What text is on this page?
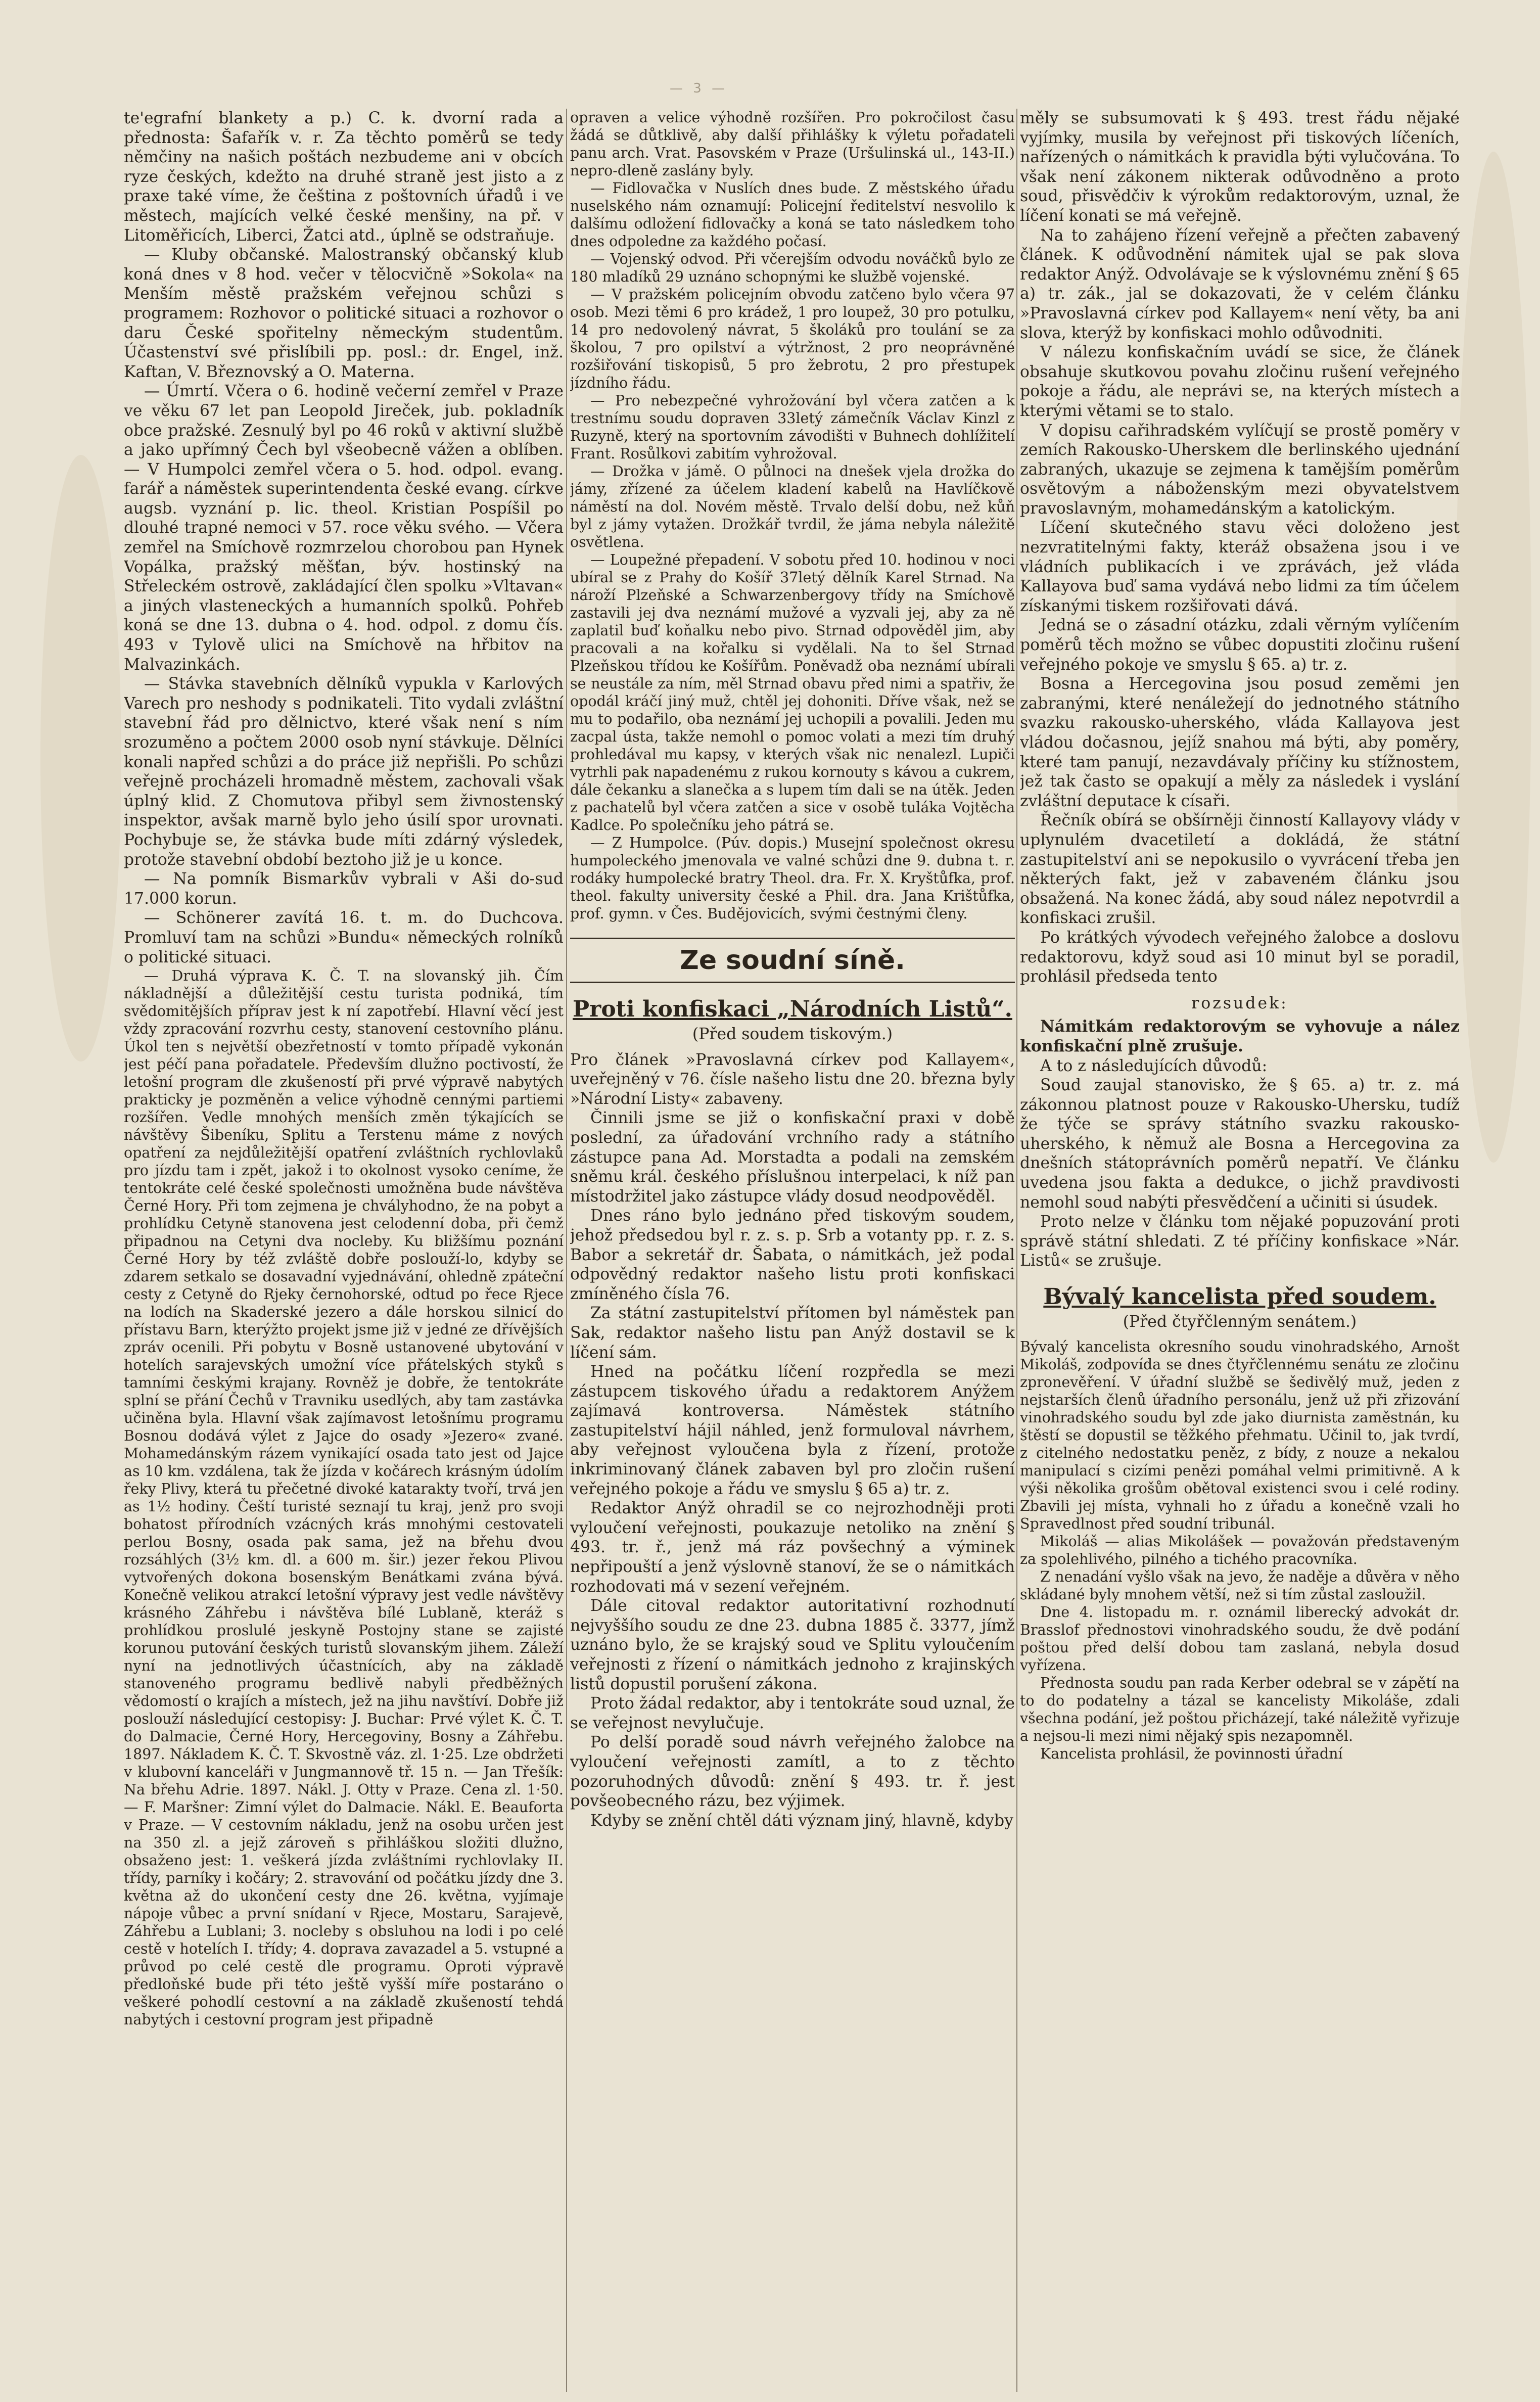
— 3 —

te'egrafní blankety a p.) C. k. dvorní rada a přednosta: Šafařík v. r. Za těchto poměrů se tedy němčiny na našich poštách nezbudeme ani v obcích ryze českých, kdežto na druhé straně jest jisto a z praxe také víme, že čeština z poštovních úřadů i ve městech, majících velké české menšiny, na př. v Litoměřicích, Liberci, Žatci atd., úplně se odstraňuje.

— Kluby občanské. Malostranský občanský klub koná dnes v 8 hod. večer v tělocvičně »Sokola« na Menším městě pražském veřejnou schůzi s programem: Rozhovor o politické situaci a rozhovor o daru České spořitelny německým studentům. Účastenství své přislíbili pp. posl.: dr. Engel, inž. Kaftan, V. Březnovský a O. Materna.

— Úmrtí. Včera o 6. hodině večerní zemřel v Praze ve věku 67 let pan Leopold Jireček, jub. pokladník obce pražské. Zesnulý byl po 46 roků v aktivní službě a jako upřímný Čech byl všeobecně vážen a oblíben. — V Humpolci zemřel včera o 5. hod. odpol. evang. farář a náměstek superintendenta české evang. církve augsb. vyznání p. lic. theol. Kristian Pospíšil po dlouhé trapné nemoci v 57. roce věku svého. — Včera zemřel na Smíchově rozmrzelou chorobou pan Hynek Vopálka, pražský měšťan, býv. hostinský na Střeleckém ostrově, zakládající člen spolku »Vltavan« a jiných vlasteneckých a humanních spolků. Pohřeb koná se dne 13. dubna o 4. hod. odpol. z domu čís. 493 v Tylově ulici na Smíchově na hřbitov na Malvazinkách.

— Stávka stavebních dělníků vypukla v Karlových Varech pro neshody s podnikateli. Tito vydali zvláštní stavební řád pro dělnictvo, které však není s ním srozuměno a počtem 2000 osob nyní stávkuje. Dělníci konali napřed schůzi a do práce již nepřišli. Po schůzi veřejně procházeli hromadně městem, zachovali však úplný klid. Z Chomutova přibyl sem živnostenský inspektor, avšak marně bylo jeho úsilí spor urovnati. Pochybuje se, že stávka bude míti zdárný výsledek, protože stavební období beztoho již je u konce.

— Na pomník Bismarkův vybrali v Aši do-sud 17.000 korun.

— Schönerer zavítá 16. t. m. do Duchcova. Promluví tam na schůzi »Bundu« německých rolníků o politické situaci.

— Druhá výprava K. Č. T. na slovanský jih. Čím nákladnější a důležitější cestu turista podniká, tím svědomitějších příprav jest k ní zapotřebí. Hlavní věcí jest vždy zpracování rozvrhu cesty, stanovení cestovního plánu. Úkol ten s největší obezřetností v tomto případě vykonán jest péčí pana pořadatele. Především dlužno poctivostí, že letošní program dle zkušeností při prvé výpravě nabytých prakticky je pozměněn a velice výhodně cennými partiemi rozšířen. Vedle mnohých menších změn týkajících se návštěvy Šibeníku, Splitu a Terstenu máme z nových opatření za nejdůležitější opatření zvláštních rychlovlaků pro jízdu tam i zpět, jakož i to okolnost vysoko ceníme, že tentokráte celé české společnosti umožněna bude návštěva Černé Hory. Při tom zejmena je chvályhodno, že na pobyt a prohlídku Cetyně stanovena jest celodenní doba, při čemž připadnou na Cetyni dva nocleby. Ku bližšímu poznání Černé Hory by též zvláště dobře poslouží-lo, kdyby se zdarem setkalo se dosavadní vyjednávání, ohledně zpáteční cesty z Cetyně do Rjeky černohorské, odtud po řece Rjece na lodích na Skaderské jezero a dále horskou silnicí do přístavu Barn, kterýžto projekt jsme již v jedné ze dřívějších zpráv ocenili. Při pobytu v Bosně ustanovené ubytování v hotelích sarajevských umožní více přátelských styků s tamními českými krajany. Rovněž je dobře, že tentokráte splní se přání Čechů v Travniku usedlých, aby tam zastávka učiněna byla. Hlavní však zajímavost letošnímu programu Bosnou dodává výlet z Jajce do osady »Jezero« zvané. Mohamedánským rázem vynikající osada tato jest od Jajce as 10 km. vzdálena, tak že jízda v kočárech krásným údolím řeky Plivy, která tu přečetné divoké katarakty tvoří, trvá jen as 1½ hodiny. Čeští turisté seznají tu kraj, jenž pro svoji bohatost přírodních vzácných krás mnohými cestovateli perlou Bosny, osada pak sama, jež na břehu dvou rozsáhlých (3½ km. dl. a 600 m. šir.) jezer řekou Plivou vytvořených dokona bosenským Benátkami zvána bývá. Konečně velikou atrakcí letošní výpravy jest vedle návštěvy krásného Záhřebu i návštěva bílé Lublaně, kteráž s prohlídkou proslulé jeskyně Postojny stane se zajisté korunou putování českých turistů slovanským jihem. Záleží nyní na jednotlivých účastnících, aby na základě stanoveného programu bedlivě nabyli předběžných vědomostí o krajích a místech, jež na jihu navštíví. Dobře již poslouží následující cestopisy: J. Buchar: Prvé výlet K. Č. T. do Dalmacie, Černé Hory, Hercegoviny, Bosny a Záhřebu. 1897. Nákladem K. Č. T. Skvostně váz. zl. 1·25. Lze obdržeti v klubovní kanceláři v Jungmannově tř. 15 n. — Jan Třešík: Na břehu Adrie. 1897. Nákl. J. Otty v Praze. Cena zl. 1·50. — F. Maršner: Zimní výlet do Dalmacie. Nákl. E. Beauforta v Praze. — V cestovním nákladu, jenž na osobu určen jest na 350 zl. a jejž zároveň s přihláškou složiti dlužno, obsaženo jest: 1. veškerá jízda zvláštními rychlovlaky II. třídy, parníky i kočáry; 2. stravování od počátku jízdy dne 3. května až do ukončení cesty dne 26. května, vyjímaje nápoje vůbec a první snídaní v Rjece, Mostaru, Sarajevě, Záhřebu a Lublani; 3. nocleby s obsluhou na lodi i po celé cestě v hotelích I. třídy; 4. doprava zavazadel a 5. vstupné a průvod po celé cestě dle programu. Oproti výpravě předloňské bude při této ještě vyšší míře postaráno o veškeré pohodlí cestovní a na základě zkušeností tehdá nabytých i cestovní program jest připadně

opraven a velice výhodně rozšířen. Pro pokročilost času žádá se důtklivě, aby další přihlášky k výletu pořadateli panu arch. Vrat. Pasovském v Praze (Uršulinská ul., 143-II.) nepro-dleně zaslány byly.

— Fidlovačka v Nuslích dnes bude. Z městského úřadu nuselského nám oznamují: Policejní ředitelství nesvolilo k dalšímu odložení fidlovačky a koná se tato následkem toho dnes odpoledne za každého počasí.

— Vojenský odvod. Při včerejším odvodu nováčků bylo ze 180 mladíků 29 uznáno schopnými ke službě vojenské.

— V pražském policejním obvodu zatčeno bylo včera 97 osob. Mezi těmi 6 pro krádež, 1 pro loupež, 30 pro potulku, 14 pro nedovolený návrat, 5 školáků pro toulání se za školou, 7 pro opilství a výtržnost, 2 pro neoprávněné rozšiřování tiskopisů, 5 pro žebrotu, 2 pro přestupek jízdního řádu.

— Pro nebezpečné vyhrožování byl včera zatčen a k trestnímu soudu dopraven 33letý zámečník Václav Kinzl z Ruzyně, který na sportovním závodišti v Buhnech dohlížitelí Frant. Rosůlkovi zabitím vyhrožoval.

— Drožka v jámě. O půlnoci na dnešek vjela drožka do jámy, zřízené za účelem kladení kabelů na Havlíčkově náměstí na dol. Novém městě. Trvalo delší dobu, než kůň byl z jámy vytažen. Drožkář tvrdil, že jáma nebyla náležitě osvětlena.

— Loupežné přepadení. V sobotu před 10. hodinou v noci ubíral se z Prahy do Košíř 37letý dělník Karel Strnad. Na nároží Plzeňské a Schwarzenbergovy třídy na Smíchově zastavili jej dva neznámí mužové a vyzvali jej, aby za ně zaplatil buď koňalku nebo pivo. Strnad odpověděl jim, aby pracovali a na kořalku si vydělali. Na to šel Strnad Plzeňskou třídou ke Košířům. Poněvadž oba neznámí ubírali se neustále za ním, měl Strnad obavu před nimi a spatřiv, že opodál kráčí jiný muž, chtěl jej dohoniti. Dříve však, než se mu to podařilo, oba neznámí jej uchopili a povalili. Jeden mu zacpal ústa, takže nemohl o pomoc volati a mezi tím druhý prohledával mu kapsy, v kterých však nic nenalezl. Lupiči vytrhli pak napadenému z rukou kornouty s kávou a cukrem, dále čekanku a slanečka a s lupem tím dali se na útěk. Jeden z pachatelů byl včera zatčen a sice v osobě tuláka Vojtěcha Kadlce. Po společníku jeho pátrá se.

— Z Humpolce. (Púv. dopis.) Musejní společnost okresu humpoleckého jmenovala ve valné schůzi dne 9. dubna t. r. rodáky humpolecké bratry Theol. dra. Fr. X. Kryštůfka, prof. theol. fakulty university české a Phil. dra. Jana Krištůfka, prof. gymn. v Čes. Budějovicích, svými čestnými členy.

Ze soudní síně.
Proti konfiskaci „Národních Listů“.
(Před soudem tiskovým.)

Pro článek »Pravoslavná církev pod Kallayem«, uveřejněný v 76. čísle našeho listu dne 20. března byly »Národní Listy« zabaveny.

Činnili jsme se již o konfiskační praxi v době poslední, za úřadování vrchního rady a státního zástupce pana Ad. Morstadta a podali na zemském sněmu král. českého příslušnou interpelaci, k níž pan místodržitel jako zástupce vlády dosud neodpověděl.

Dnes ráno bylo jednáno před tiskovým soudem, jehož předsedou byl r. z. s. p. Srb a votanty pp. r. z. s. Babor a sekretář dr. Šabata, o námitkách, jež podal odpovědný redaktor našeho listu proti konfiskaci zmíněného čísla 76.

Za státní zastupitelství přítomen byl náměstek pan Sak, redaktor našeho listu pan Anýž dostavil se k líčení sám.

Hned na počátku líčení rozpředla se mezi zástupcem tiskového úřadu a redaktorem Anýžem zajímavá kontroversa. Náměstek státního zastupitelství hájil náhled, jenž formuloval návrhem, aby veřejnost vyloučena byla z řízení, protože inkriminovaný článek zabaven byl pro zločin rušení veřejného pokoje a řádu ve smyslu § 65 a) tr. z.

Redaktor Anýž ohradil se co nejrozhodněji proti vyloučení veřejnosti, poukazuje netoliko na znění § 493. tr. ř., jenž má ráz povšechný a výminek nepřipouští a jenž výslovně stanoví, že se o námitkách rozhodovati má v sezení veřejném.

Dále citoval redaktor autoritativní rozhodnutí nejvyššího soudu ze dne 23. dubna 1885 č. 3377, jímž uznáno bylo, že se krajský soud ve Splitu vyloučením veřejnosti z řízení o námitkách jednoho z krajinských listů dopustil porušení zákona.

Proto žádal redaktor, aby i tentokráte soud uznal, že se veřejnost nevylučuje.

Po delší poradě soud návrh veřejného žalobce na vyloučení veřejnosti zamítl, a to z těchto pozoruhodných důvodů: znění § 493. tr. ř. jest povšeobecného rázu, bez výjimek.

Kdyby se znění chtěl dáti význam jiný, hlavně, kdyby

měly se subsumovati k § 493. trest řádu nějaké vyjímky, musila by veřejnost při tiskových líčeních, nařízených o námitkách k pravidla býti vylučována. To však není zákonem nikterak odůvodněno a proto soud, přisvědčiv k výrokům redaktorovým, uznal, že líčení konati se má veřejně.

Na to zahájeno řízení veřejně a přečten zabavený článek. K odůvodnění námitek ujal se pak slova redaktor Anýž. Odvolávaje se k výslovnému znění § 65 a) tr. zák., jal se dokazovati, že v celém článku »Pravoslavná církev pod Kallayem« není věty, ba ani slova, kterýž by konfiskaci mohlo odůvodniti.

V nálezu konfiskačním uvádí se sice, že článek obsahuje skutkovou povahu zločinu rušení veřejného pokoje a řádu, ale neprávi se, na kterých místech a kterými větami se to stalo.

V dopisu cařihradském vylíčují se prostě poměry v zemích Rakousko-Uherskem dle berlinského ujednání zabraných, ukazuje se zejmena k tamějším poměrům osvětovým a náboženským mezi obyvatelstvem pravoslavným, mohamedánským a katolickým.

Líčení skutečného stavu věci doloženo jest nezvratitelnými fakty, kteráž obsažena jsou i ve vládních publikacích i ve zprávách, jež vláda Kallayova buď sama vydává nebo lidmi za tím účelem získanými tiskem rozšiřovati dává.

Jedná se o zásadní otázku, zdali věrným vylíčením poměrů těch možno se vůbec dopustiti zločinu rušení veřejného pokoje ve smyslu § 65. a) tr. z.

Bosna a Hercegovina jsou posud zeměmi jen zabranými, které nenáležejí do jednotného státního svazku rakousko-uherského, vláda Kallayova jest vládou dočasnou, jejíž snahou má býti, aby poměry, které tam panují, nezavdávaly příčiny ku stížnostem, jež tak často se opakují a měly za následek i vyslání zvláštní deputace k císaři.

Řečník obírá se obšírněji činností Kallayovy vlády v uplynulém dvacetiletí a dokládá, že státní zastupitelství ani se nepokusilo o vyvrácení třeba jen některých fakt, jež v zabaveném článku jsou obsažená. Na konec žádá, aby soud nález nepotvrdil a konfiskaci zrušil.

Po krátkých vývodech veřejného žalobce a doslovu redaktorovu, když soud asi 10 minut byl se poradil, prohlásil předseda tento

rozsudek:

Námitkám redaktorovým se vyhovuje a nález konfiskační plně zrušuje.

A to z následujících důvodů:

Soud zaujal stanovisko, že § 65. a) tr. z. má zákonnou platnost pouze v Rakousko-Uhersku, tudíž že týče se správy státního svazku rakousko-uherského, k němuž ale Bosna a Hercegovina za dnešních státoprávních poměrů nepatří. Ve článku uvedena jsou fakta a dedukce, o jichž pravdivosti nemohl soud nabýti přesvědčení a učiniti si úsudek.

Proto nelze v článku tom nějaké popuzování proti správě státní shledati. Z té příčiny konfiskace »Nár. Listů« se zrušuje.

Bývalý kancelista před soudem.
(Před čtyřčlenným senátem.)

Bývalý kancelista okresního soudu vinohradského, Arnošt Mikoláš, zodpovída se dnes čtyřčlennému senátu ze zločinu zpronevěření. V úřadní službě se šedivělý muž, jeden z nejstarších členů úřadního personálu, jenž už při zřizování vinohradského soudu byl zde jako diurnista zaměstnán, ku štěstí se dopustil se těžkého přehmatu. Učinil to, jak tvrdí, z citelného nedostatku peněz, z bídy, z nouze a nekalou manipulací s cizími penězi pomáhal velmi primitivně. A k výši několika grošům obětoval existenci svou i celé rodiny. Zbavili jej místa, vyhnali ho z úřadu a konečně vzali ho Spravedlnost před soudní tribunál.

Mikoláš — alias Mikolášek — považován představeným za spolehlivého, pilného a tichého pracovníka.

Z nenadání vyšlo však na jevo, že naděje a důvěra v něho skládané byly mnohem větší, než si tím zůstal zasloužil.

Dne 4. listopadu m. r. oznámil liberecký advokát dr. Brasslof přednostovi vinohradského soudu, že dvě podání poštou před delší dobou tam zaslaná, nebyla dosud vyřízena.

Přednosta soudu pan rada Kerber odebral se v zápětí na to do podatelny a tázal se kancelisty Mikoláše, zdali všechna podání, jež poštou přicházejí, také náležitě vyřizuje a nejsou-li mezi nimi nějaký spis nezapomněl.

Kancelista prohlásil, že povinnosti úřadní
